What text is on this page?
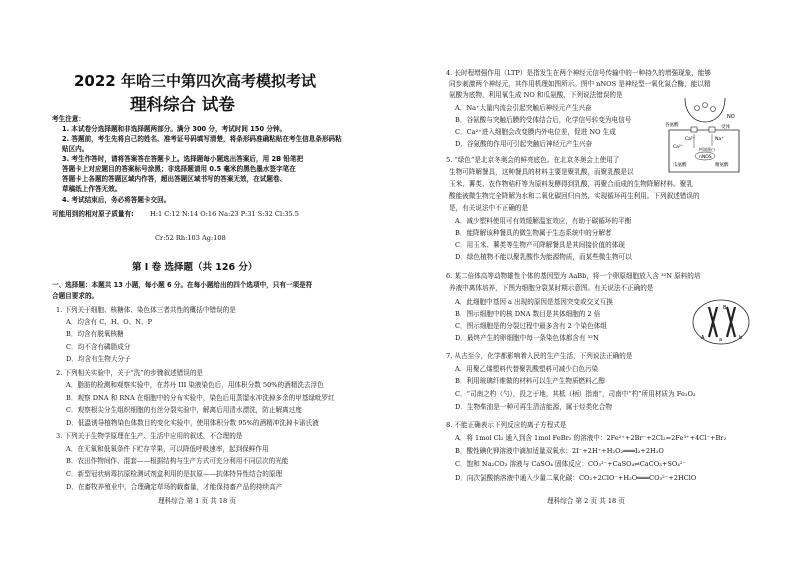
2022 年哈三中第四次高考模拟考试
理科综合 试卷
考生注意：
1. 本试卷分选择题和非选择题两部分。满分 300 分，考试时间 150 分钟。
2. 答题前，考生先将自己的姓名、准考证号码填写清楚，将条形码准确粘贴在考生信息条形码粘
贴区内。
3. 考生作答时，请将答案答在答题卡上。选择题每小题选出答案后，用 2B 铅笔把
答题卡上对应题目的答案标号涂黑；非选择题请用 0.5 毫米的黑色墨水签字笔在
答题卡上各题的答题区域内作答，超出答题区域书写的答案无效，在试题卷、
草稿纸上作答无效。
4. 考试结束后，务必将答题卡交回。
可能用到的相对原子质量有: H:1 C:12 N:14 O:16 Na:23 P:31 S:32 Cl:35.5
Cr:52 Rh:103 Ag:108
第 I 卷 选择题（共 126 分）
一、选择题：本题共 13 小题，每小题 6 分。在每小题给出的四个选项中，只有一项是符
合题目要求的。
1. 下列关于细胞、核糖体、染色体三者共性的概括中错误的是
A．均含有 C、H、O、N、P
B．均含有脱氧核糖
C．均不含有磷脂成分
D．均含有生物大分子
2. 下列相关实验中，关于“洗”的步骤叙述错误的是
A．脂肪的检测和观察实验中，在苏丹 III 染液染色后，用体积分数 50%的酒精洗去浮色
B．观察 DNA 和 RNA 在细胞中的分布实验中，染色后用蒸馏水冲洗掉多余的甲基绿吡罗红
C．观察根尖分生组织细胞的有丝分裂实验中，解离后用清水漂洗，防止解离过度
D．低温诱导植物染色体数目的变化实验中，使用体积分数 95%的酒精冲洗掉卡诺氏液
3. 下列关于生物学原理在生产、生活中应用的叙述，不合理的是
A．在无氧和低氧条件下贮存苹果，可以降低呼吸速率，起到保鲜作用
B．农田作物间作、混套——根据结构与生产方式可充分利用不同层次的光能
C．新型冠状病毒抗原检测试剂盒利用的是抗原——抗体特异性结合的原理
D．在畜牧养殖业中，合理确定草场的载畜量，才能保持畜产品的持续高产
理科综合 第 1 页 共 18 页
4. 长时程增强作用（LTP）是指发生在两个神经元信号传输中的一种持久的增强现象，能够
同步刺激两个神经元，其作用机理如图所示。图中 nNOS 是神经型一氧化氮合酶，能以精
氨酸为底物，利用氧生成 NO 和瓜氨酸，下列说法错误的是
A．Na⁺大量内流会引起突触后神经元产生兴奋
B．谷氨酸与突触后膜的受体结合后，化学信号转变为电信号
C．Ca²⁺进入细胞会改变膜内外电位差，促进 NO 生成
D．谷氨酸的作用可引起突触后神经元产生兴奋
NO
谷氨酸	受体
Ca²⁺	Na⁺
Ca²⁺	钙调蛋白
nNOS
瓜氨酸	精氨酸
5. “绿色”是北京冬奥会的鲜亮底色。在北京冬奥会上使用了
生物可降解餐具，这种餐具的材料主要是聚乳酸，而聚乳酸是以
玉米、薯类、农作物秸秆等为原料发酵得到乳酸，再聚合而成的生物降解材料。聚乳
酸能被微生物完全降解为水和二氧化碳回归自然，实现循环再生利用。下列叙述错误的
是，有关说法中不正确的是
A．减少塑料使用可有效缓解温室效应，有助于碳循环的平衡
B．能降解该种餐具的微生物属于生态系统中的分解者
C．用玉米、薯类等生物产可降解餐具是其间接价值的体现
D．绿色植物不能以聚乳酸作为能源物质，而某些微生物可以
6. 某二倍体高等动物雄性个体的基因型为 AaBb，将一个卵原细胞放入含 ³²N 原料的培
养液中离体培养，下图为细胞分裂某时期示意图。有关说法不正确的是
A．此细胞中基因 a 出现的原因是基因突变或交叉互换
B．图示细胞中的核 DNA 数目是其体细胞的 2 倍
C．图示细胞是的分裂过程中最多含有 2 个染色体组
D．最终产生的卵细胞中每一条染色体都含有 ³²N	A	a
B
b
7. 从古至今，化学都影响着人民的生产生活，下列说法正确的是
A．用聚乙烯塑料代替聚乳酸塑料可减少白色污染
B．利用玻璃纤维做的材料可以生产生物质燃料乙醇
C．“司南之杓（勺），投之于地，其柢（柄）指南”，司南中“杓”所用材质为 Fe₂O₃
D．生物柴油是一种可再生清洁能源，属于烃类化合物
8. 不能正确表示下列反应的离子方程式是
A．将 1mol Cl₂ 通入到含 1mol FeBr₂ 的溶液中：2Fe²⁺+2Br⁻+2Cl₂=2Fe³⁺+4Cl⁻+Br₂
B．酸性碘化钾溶液中滴加适量双氧水：2I⁻+2H⁺+H₂O₂═══I₂+2H₂O
C．饱和 Na₂CO₃ 溶液与 CaSO₄ 固体反应：CO₃²⁻+CaSO₄⇌CaCO₃+SO₄²⁻
D．向次氯酸钠溶液中通入少量二氧化碳：CO₂+2ClO⁻+H₂O═══CO₃²⁻+2HClO
理科综合 第 2 页 共 18 页
